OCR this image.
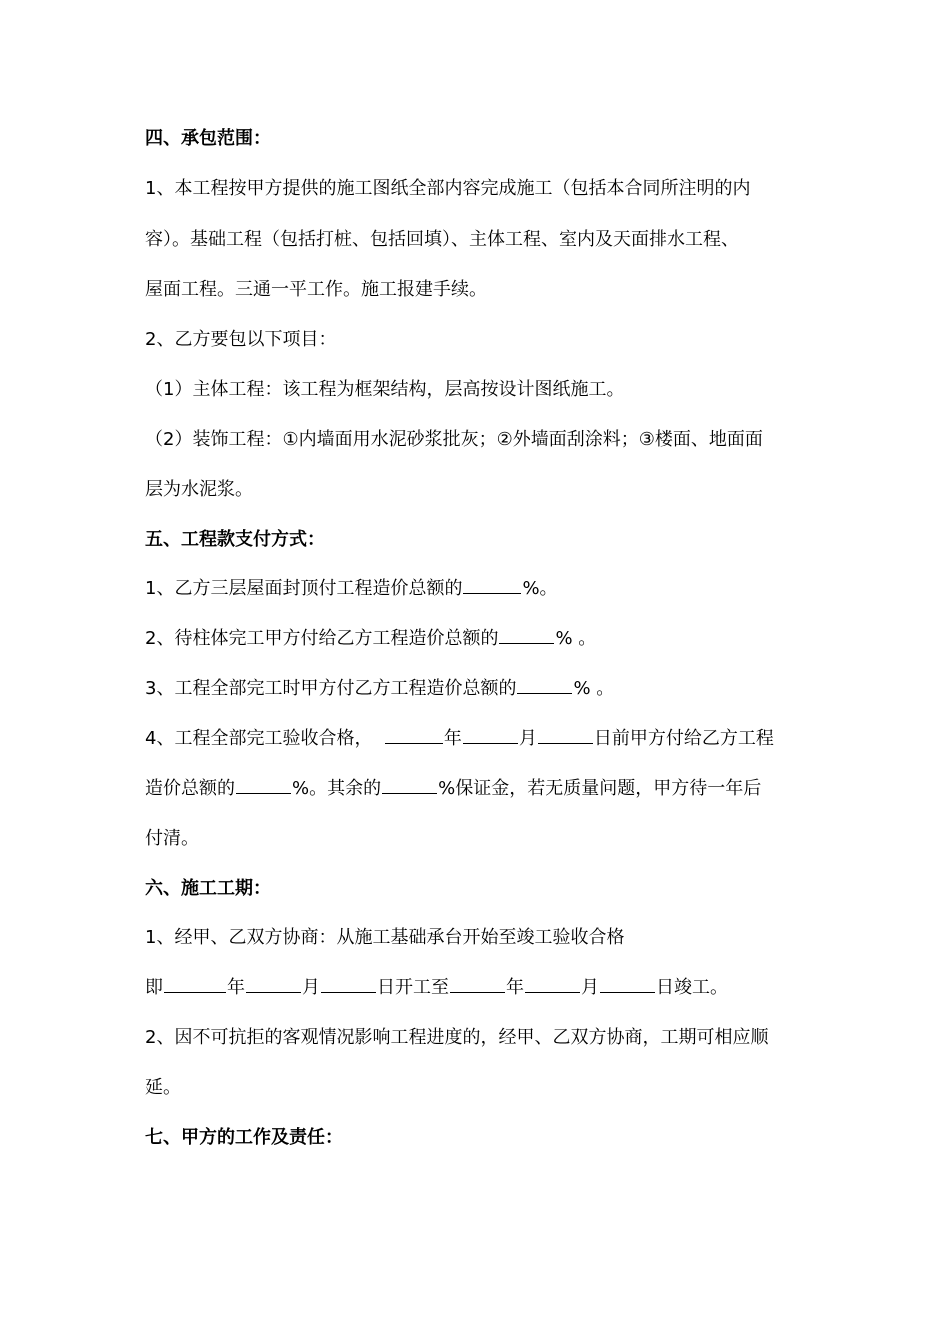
四、承包范围：
1、本工程按甲方提供的施工图纸全部内容完成施工（包括本合同所注明的内
容）。基础工程（包括打桩、包括回填）、主体工程、室内及天面排水工程、
屋面工程。三通一平工作。施工报建手续。
2、乙方要包以下项目：
（1）主体工程：该工程为框架结构，层高按设计图纸施工。
（2）装饰工程：①内墙面用水泥砂浆批灰；②外墙面刮涂料；③楼面、地面面
层为水泥浆。
五、工程款支付方式：
1、乙方三层屋面封顶付工程造价总额的	%。
2、待柱体完工甲方付给乙方工程造价总额的	% 。
3、工程全部完工时甲方付乙方工程造价总额的	% 。
4、工程全部完工验收合格，	年	月	日前甲方付给乙方工程
造价总额的	%。其余的	%保证金，若无质量问题，甲方待一年后
付清。
六、施工工期：
1、经甲、乙双方协商：从施工基础承台开始至竣工验收合格
即	年	月	日开工至	年	月	日竣工。
2、因不可抗拒的客观情况影响工程进度的，经甲、乙双方协商，工期可相应顺
延。
七、甲方的工作及责任：
